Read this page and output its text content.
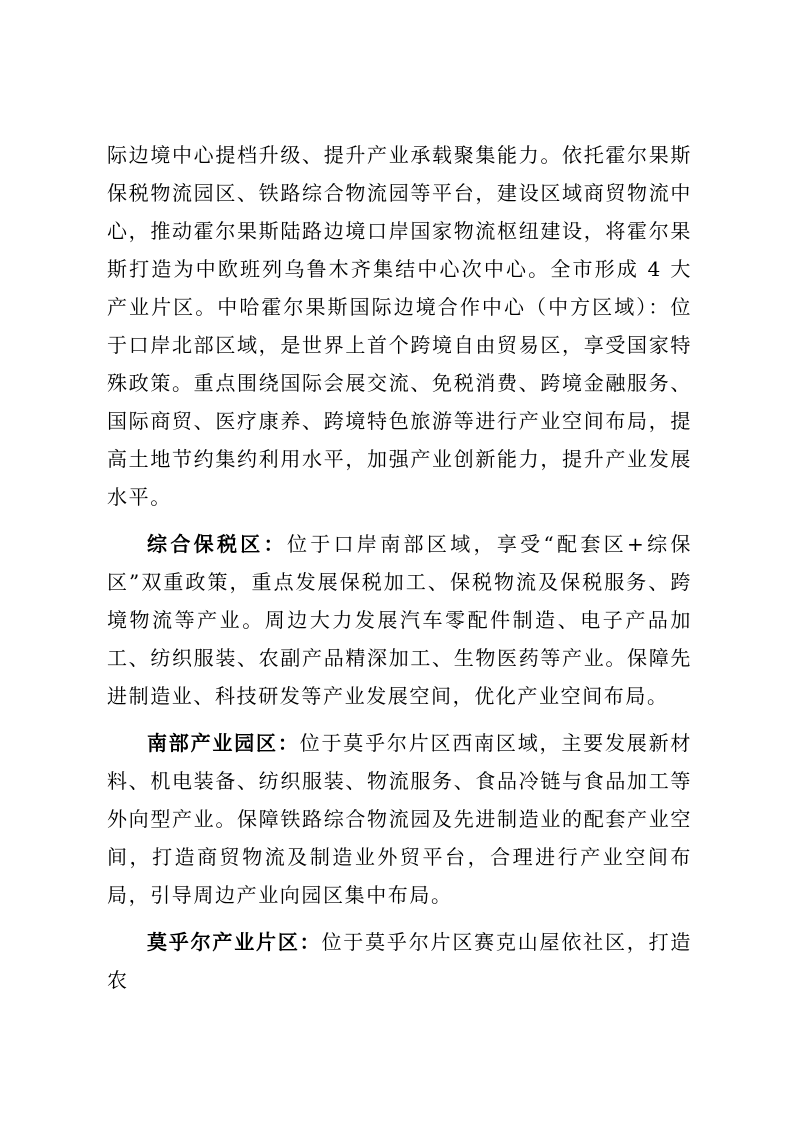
际边境中心提档升级、提升产业承载聚集能力。依托霍尔果斯保税物流园区、铁路综合物流园等平台，建设区域商贸物流中心，推动霍尔果斯陆路边境口岸国家物流枢纽建设，将霍尔果斯打造为中欧班列乌鲁木齐集结中心次中心。全市形成 4 大产业片区。中哈霍尔果斯国际边境合作中心（中方区域）：位于口岸北部区域，是世界上首个跨境自由贸易区，享受国家特殊政策。重点围绕国际会展交流、免税消费、跨境金融服务、国际商贸、医疗康养、跨境特色旅游等进行产业空间布局，提高土地节约集约利用水平，加强产业创新能力，提升产业发展水平。

综合保税区：位于口岸南部区域，享受“配套区+综保区”双重政策，重点发展保税加工、保税物流及保税服务、跨境物流等产业。周边大力发展汽车零配件制造、电子产品加工、纺织服装、农副产品精深加工、生物医药等产业。保障先进制造业、科技研发等产业发展空间，优化产业空间布局。

南部产业园区：位于莫乎尔片区西南区域，主要发展新材料、机电装备、纺织服装、物流服务、食品冷链与食品加工等外向型产业。保障铁路综合物流园及先进制造业的配套产业空间，打造商贸物流及制造业外贸平台，合理进行产业空间布局，引导周边产业向园区集中布局。

莫乎尔产业片区：位于莫乎尔片区赛克山屋依社区，打造农
